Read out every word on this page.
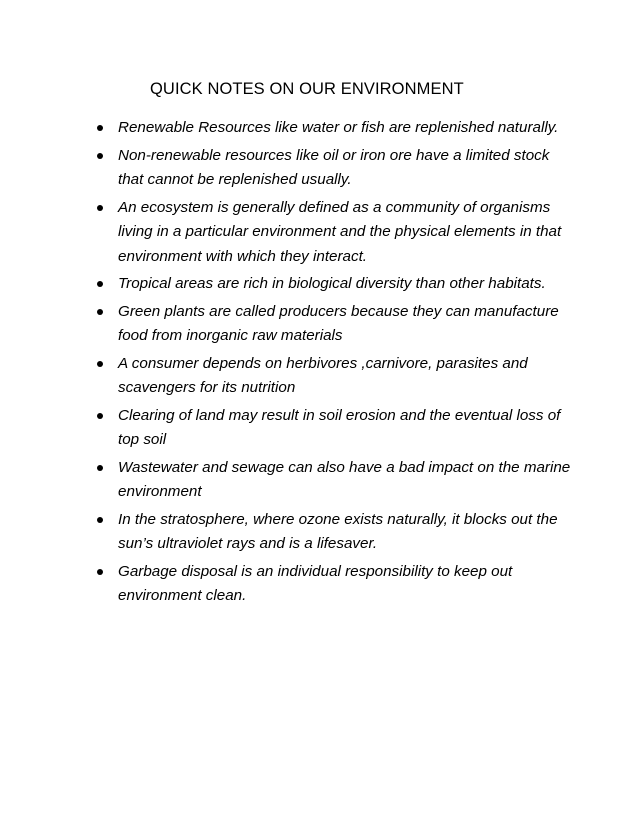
QUICK NOTES ON OUR ENVIRONMENT
Renewable Resources like water or fish are replenished naturally.
Non-renewable resources like oil or iron ore have a limited stock that cannot be replenished usually.
An ecosystem is generally defined as a community of organisms living in a particular environment and the physical elements in that environment with which they interact.
Tropical areas are rich in biological diversity than other habitats.
Green plants are called producers because they can manufacture food from inorganic raw materials
A consumer depends on herbivores ,carnivore, parasites and scavengers for its nutrition
Clearing of land may result in soil erosion and the eventual loss of top soil
Wastewater and sewage can also have a bad impact on the marine environment
In the stratosphere, where ozone exists naturally, it blocks out the sun’s ultraviolet rays and is a lifesaver.
Garbage disposal is an individual responsibility to keep out environment clean.
